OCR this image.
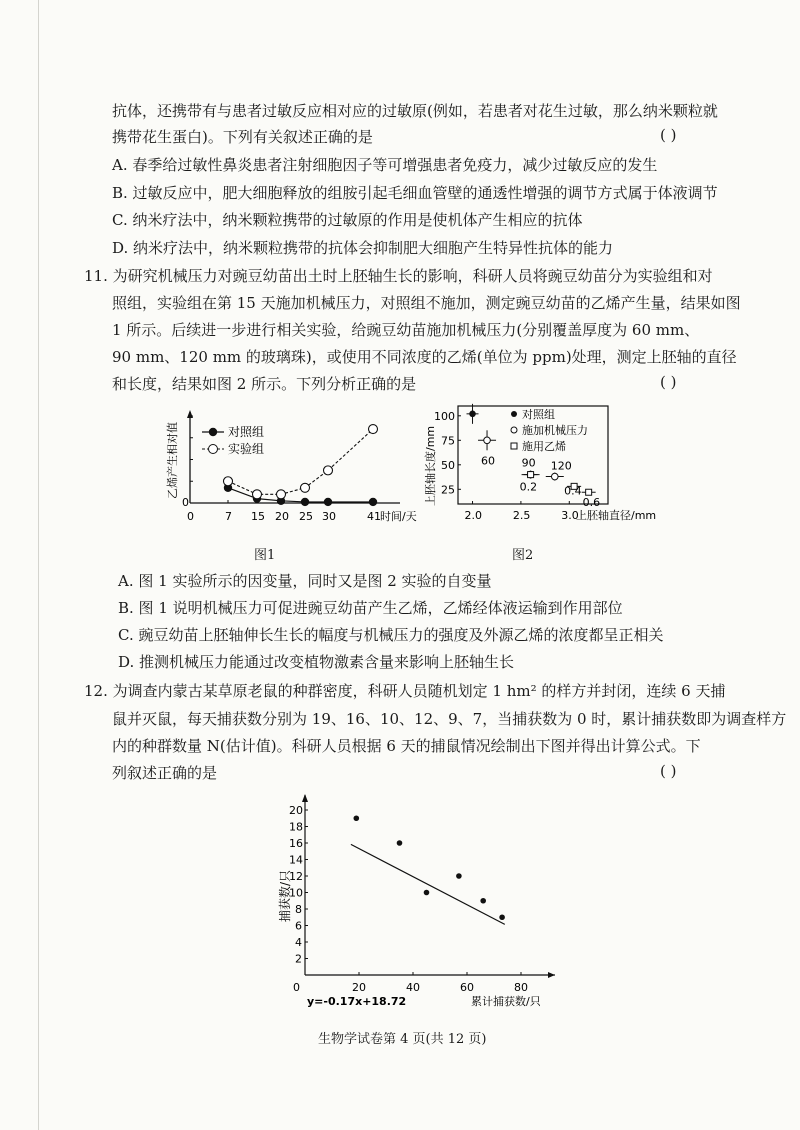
抗体，还携带有与患者过敏反应相对应的过敏原(例如，若患者对花生过敏，那么纳米颗粒就
携带花生蛋白)。下列有关叙述正确的是	( )
A. 春季给过敏性鼻炎患者注射细胞因子等可增强患者免疫力，减少过敏反应的发生
B. 过敏反应中，肥大细胞释放的组胺引起毛细血管壁的通透性增强的调节方式属于体液调节
C. 纳米疗法中，纳米颗粒携带的过敏原的作用是使机体产生相应的抗体
D. 纳米疗法中，纳米颗粒携带的抗体会抑制肥大细胞产生特异性抗体的能力
11. 为研究机械压力对豌豆幼苗出土时上胚轴生长的影响，科研人员将豌豆幼苗分为实验组和对
照组，实验组在第 15 天施加机械压力，对照组不施加，测定豌豆幼苗的乙烯产生量，结果如图
1 所示。后续进一步进行相关实验，给豌豆幼苗施加机械压力(分别覆盖厚度为 60 mm、
90 mm、120 mm 的玻璃珠)，或使用不同浓度的乙烯(单位为 ppm)处理，测定上胚轴的直径
和长度，结果如图 2 所示。下列分析正确的是	( )
0
0	7 15 20 25 30	41 时间/天
乙烯产生相对值	对照组
实验组
图1
25
50
75
100
2.0	2.5	3.0
上胚轴直径/mm
上胚轴长度/mm	60 90 120
0.2 0.4
0.6
对照组
施加机械压力
施用乙烯
图2
A. 图 1 实验所示的因变量，同时又是图 2 实验的自变量
B. 图 1 说明机械压力可促进豌豆幼苗产生乙烯，乙烯经体液运输到作用部位
C. 豌豆幼苗上胚轴伸长生长的幅度与机械压力的强度及外源乙烯的浓度都呈正相关
D. 推测机械压力能通过改变植物激素含量来影响上胚轴生长
12. 为调查内蒙古某草原老鼠的种群密度，科研人员随机划定 1 hm² 的样方并封闭，连续 6 天捕
鼠并灭鼠，每天捕获数分别为 19、16、10、12、9、7，当捕获数为 0 时，累计捕获数即为调查样方
内的种群数量 N(估计值)。科研人员根据 6 天的捕鼠情况绘制出下图并得出计算公式。下
列叙述正确的是	( )
2
4
6
8
10
12
14
16
18
20
0	20	40	60	80
捕获数/只
累计捕获数/只
y=-0.17x+18.72
生物学试卷第 4 页(共 12 页)
